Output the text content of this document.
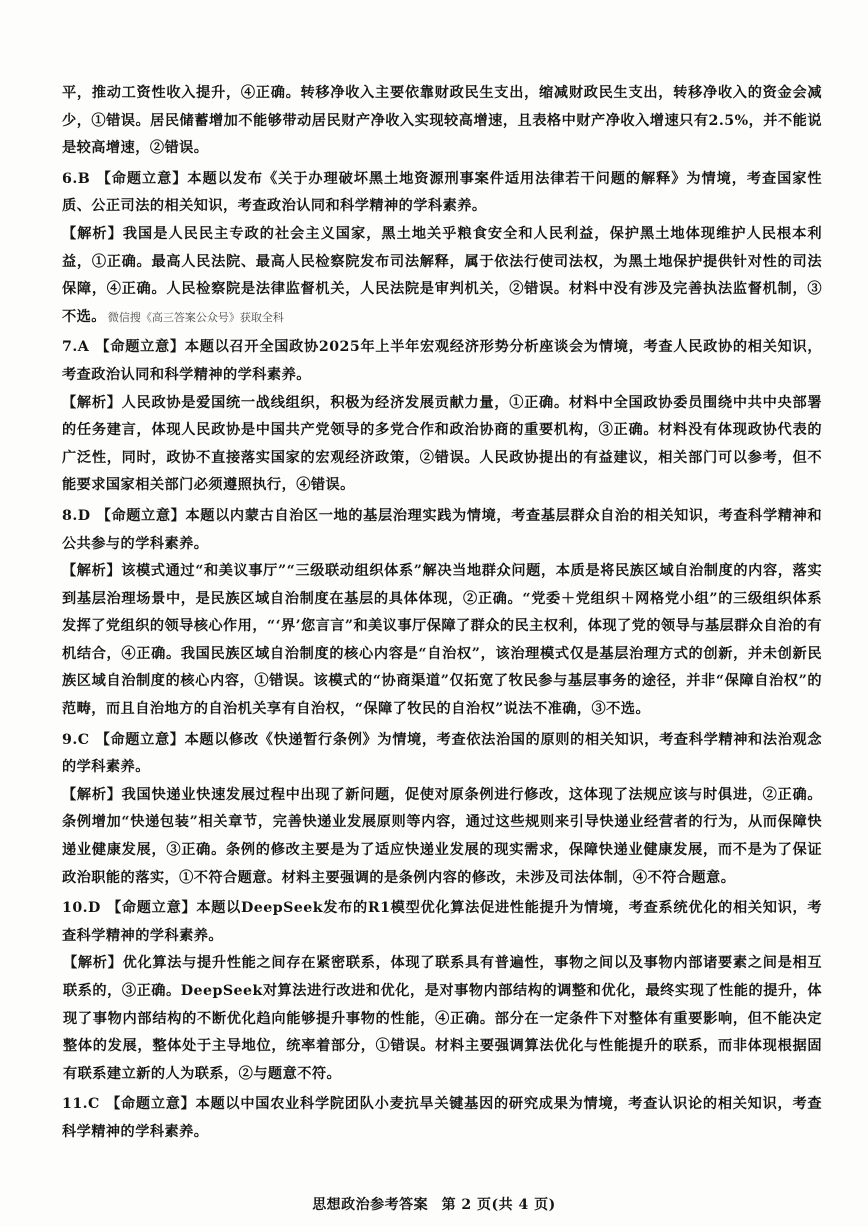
平，推动工资性收入提升，④正确。转移净收入主要依靠财政民生支出，缩减财政民生支出，转移净收入的资金会减少，①错误。居民储蓄增加不能够带动居民财产净收入实现较高增速，且表格中财产净收入增速只有2.5%，并不能说是较高增速，②错误。

6.B 【命题立意】本题以发布《关于办理破坏黑土地资源刑事案件适用法律若干问题的解释》为情境，考查国家性质、公正司法的相关知识，考查政治认同和科学精神的学科素养。

【解析】我国是人民民主专政的社会主义国家，黑土地关乎粮食安全和人民利益，保护黑土地体现维护人民根本利益，①正确。最高人民法院、最高人民检察院发布司法解释，属于依法行使司法权，为黑土地保护提供针对性的司法保障，④正确。人民检察院是法律监督机关，人民法院是审判机关，②错误。材料中没有涉及完善执法监督机制，③不选。 微信搜《高三答案公众号》获取全科

7.A 【命题立意】本题以召开全国政协2025年上半年宏观经济形势分析座谈会为情境，考查人民政协的相关知识，考查政治认同和科学精神的学科素养。

【解析】人民政协是爱国统一战线组织，积极为经济发展贡献力量，①正确。材料中全国政协委员围绕中共中央部署的任务建言，体现人民政协是中国共产党领导的多党合作和政治协商的重要机构，③正确。材料没有体现政协代表的广泛性，同时，政协不直接落实国家的宏观经济政策，②错误。人民政协提出的有益建议，相关部门可以参考，但不能要求国家相关部门必须遵照执行，④错误。

8.D 【命题立意】本题以内蒙古自治区一地的基层治理实践为情境，考查基层群众自治的相关知识，考查科学精神和公共参与的学科素养。

【解析】该模式通过“和美议事厅”“三级联动组织体系”解决当地群众问题，本质是将民族区域自治制度的内容，落实到基层治理场景中，是民族区域自治制度在基层的具体体现，②正确。“党委＋党组织＋网格党小组”的三级组织体系发挥了党组织的领导核心作用，“‘界’您言言”和美议事厅保障了群众的民主权利，体现了党的领导与基层群众自治的有机结合，④正确。我国民族区域自治制度的核心内容是“自治权”，该治理模式仅是基层治理方式的创新，并未创新民族区域自治制度的核心内容，①错误。该模式的“协商渠道”仅拓宽了牧民参与基层事务的途径，并非“保障自治权”的范畴，而且自治地方的自治机关享有自治权，“保障了牧民的自治权”说法不准确，③不选。

9.C 【命题立意】本题以修改《快递暂行条例》为情境，考查依法治国的原则的相关知识，考查科学精神和法治观念的学科素养。

【解析】我国快递业快速发展过程中出现了新问题，促使对原条例进行修改，这体现了法规应该与时俱进，②正确。条例增加“快递包装”相关章节，完善快递业发展原则等内容，通过这些规则来引导快递业经营者的行为，从而保障快递业健康发展，③正确。条例的修改主要是为了适应快递业发展的现实需求，保障快递业健康发展，而不是为了保证政治职能的落实，①不符合题意。材料主要强调的是条例内容的修改，未涉及司法体制，④不符合题意。

10.D 【命题立意】本题以DeepSeek发布的R1模型优化算法促进性能提升为情境，考查系统优化的相关知识，考查科学精神的学科素养。

【解析】优化算法与提升性能之间存在紧密联系，体现了联系具有普遍性，事物之间以及事物内部诸要素之间是相互联系的，③正确。DeepSeek对算法进行改进和优化，是对事物内部结构的调整和优化，最终实现了性能的提升，体现了事物内部结构的不断优化趋向能够提升事物的性能，④正确。部分在一定条件下对整体有重要影响，但不能决定整体的发展，整体处于主导地位，统率着部分，①错误。材料主要强调算法优化与性能提升的联系，而非体现根据固有联系建立新的人为联系，②与题意不符。

11.C 【命题立意】本题以中国农业科学院团队小麦抗旱关键基因的研究成果为情境，考查认识论的相关知识，考查科学精神的学科素养。

思想政治参考答案 第 2 页(共 4 页)
